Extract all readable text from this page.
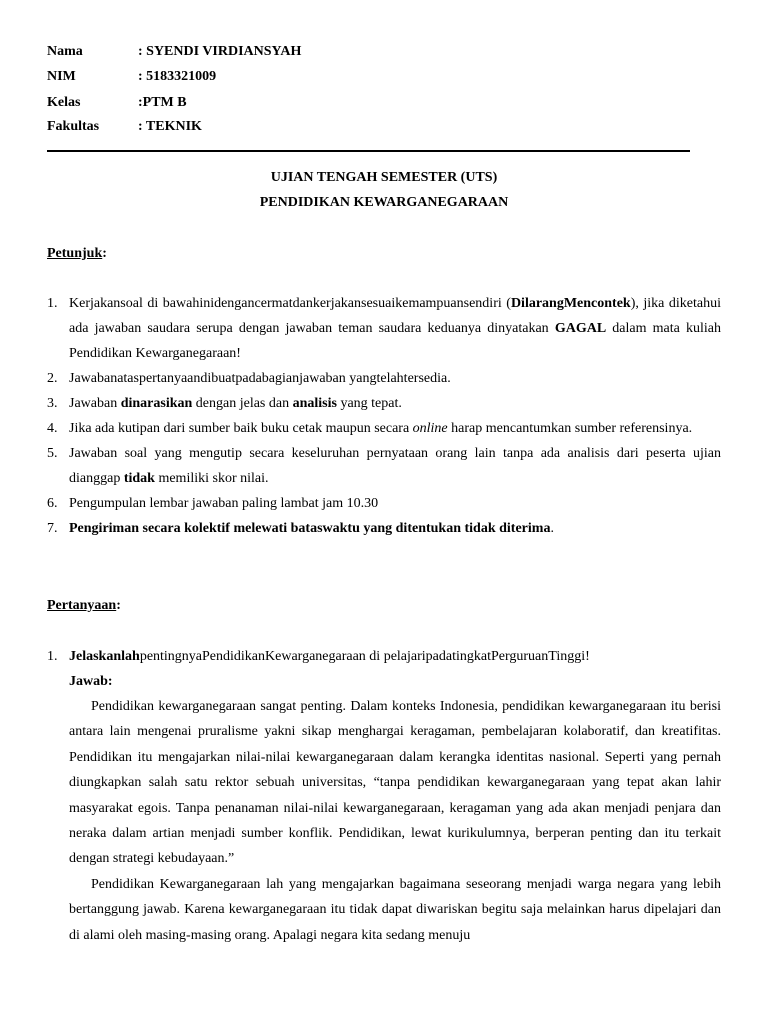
Nama	: SYENDI VIRDIANSYAH
NIM	: 5183321009
Kelas	:PTM B
Fakultas	: TEKNIK
UJIAN TENGAH SEMESTER (UTS)
PENDIDIKAN KEWARGANEGARAAN
Petunjuk:
1. Kerjakansoal di bawahinidengancermatdankerjakansesuaikemampuansendiri (DilarangMencontek), jika diketahui ada jawaban saudara serupa dengan jawaban teman saudara keduanya dinyatakan GAGAL dalam mata kuliah Pendidikan Kewarganegaraan!
2. Jawabanataspertanyaandibuatpadabagianjawaban yangtelahtersedia.
3. Jawaban dinarasikan dengan jelas dan analisis yang tepat.
4. Jika ada kutipan dari sumber baik buku cetak maupun secara online harap mencantumkan sumber referensinya.
5. Jawaban soal yang mengutip secara keseluruhan pernyataan orang lain tanpa ada analisis dari peserta ujian dianggap tidak memiliki skor nilai.
6. Pengumpulan lembar jawaban paling lambat jam 10.30
7. Pengiriman secara kolektif melewati bataswaktu yang ditentukan tidak diterima.
Pertanyaan:
1. JelaskanlahpentingnyaPendidikanKewarganegaraan di pelajaripadatingkatPerguruanTinggi!
Jawab:

Pendidikan kewarganegaraan sangat penting. Dalam konteks Indonesia, pendidikan kewarganegaraan itu berisi antara lain mengenai pruralisme yakni sikap menghargai keragaman, pembelajaran kolaboratif, dan kreatifitas. Pendidikan itu mengajarkan nilai-nilai kewarganegaraan dalam kerangka identitas nasional. Seperti yang pernah diungkapkan salah satu rektor sebuah universitas, “tanpa pendidikan kewarganegaraan yang tepat akan lahir masyarakat egois. Tanpa penanaman nilai-nilai kewarganegaraan, keragaman yang ada akan menjadi penjara dan neraka dalam artian menjadi sumber konflik. Pendidikan, lewat kurikulumnya, berperan penting dan itu terkait dengan strategi kebudayaan.”

Pendidikan Kewarganegaraan lah yang mengajarkan bagaimana seseorang menjadi warga negara yang lebih bertanggung jawab. Karena kewarganegaraan itu tidak dapat diwariskan begitu saja melainkan harus dipelajari dan di alami oleh masing-masing orang. Apalagi negara kita sedang menuju
